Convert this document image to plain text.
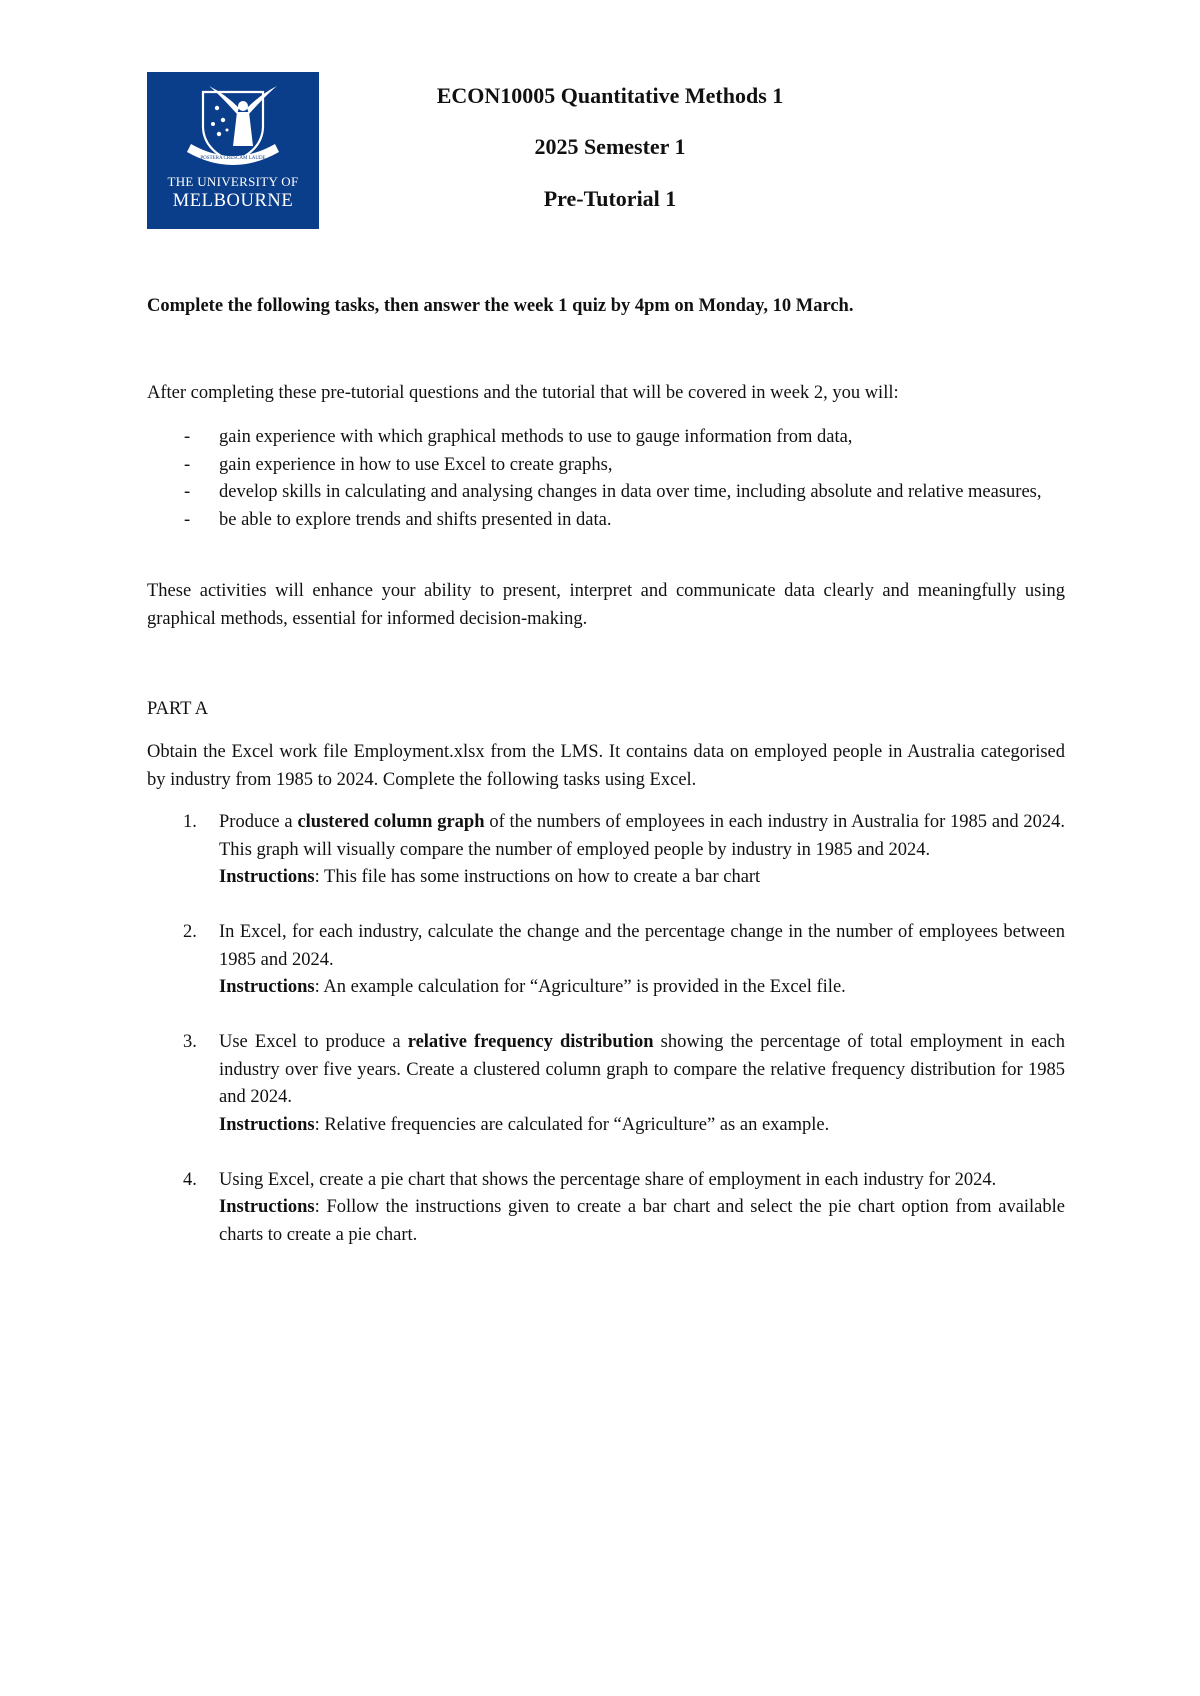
POSTERA CRESCAM LAUDE
THE UNIVERSITY OF
MELBOURNE
ECON10005 Quantitative Methods 1
2025 Semester 1
Pre-Tutorial 1
Complete the following tasks, then answer the week 1 quiz by 4pm on Monday, 10 March.
After completing these pre-tutorial questions and the tutorial that will be covered in week 2, you will:
- gain experience with which graphical methods to use to gauge information from data,
- gain experience in how to use Excel to create graphs,
- develop skills in calculating and analysing changes in data over time, including absolute and relative measures,
- be able to explore trends and shifts presented in data.
These activities will enhance your ability to present, interpret and communicate data clearly and meaningfully using graphical methods, essential for informed decision-making.
PART A
Obtain the Excel work file Employment.xlsx from the LMS. It contains data on employed people in Australia categorised by industry from 1985 to 2024. Complete the following tasks using Excel.
1. Produce a clustered column graph of the numbers of employees in each industry in Australia for 1985 and 2024. This graph will visually compare the number of employed people by industry in 1985 and 2024.
Instructions: This file has some instructions on how to create a bar chart
2. In Excel, for each industry, calculate the change and the percentage change in the number of employees between 1985 and 2024.
Instructions: An example calculation for “Agriculture” is provided in the Excel file.
3. Use Excel to produce a relative frequency distribution showing the percentage of total employment in each industry over five years. Create a clustered column graph to compare the relative frequency distribution for 1985 and 2024.
Instructions: Relative frequencies are calculated for “Agriculture” as an example.
4. Using Excel, create a pie chart that shows the percentage share of employment in each industry for 2024.
Instructions: Follow the instructions given to create a bar chart and select the pie chart option from available charts to create a pie chart.
